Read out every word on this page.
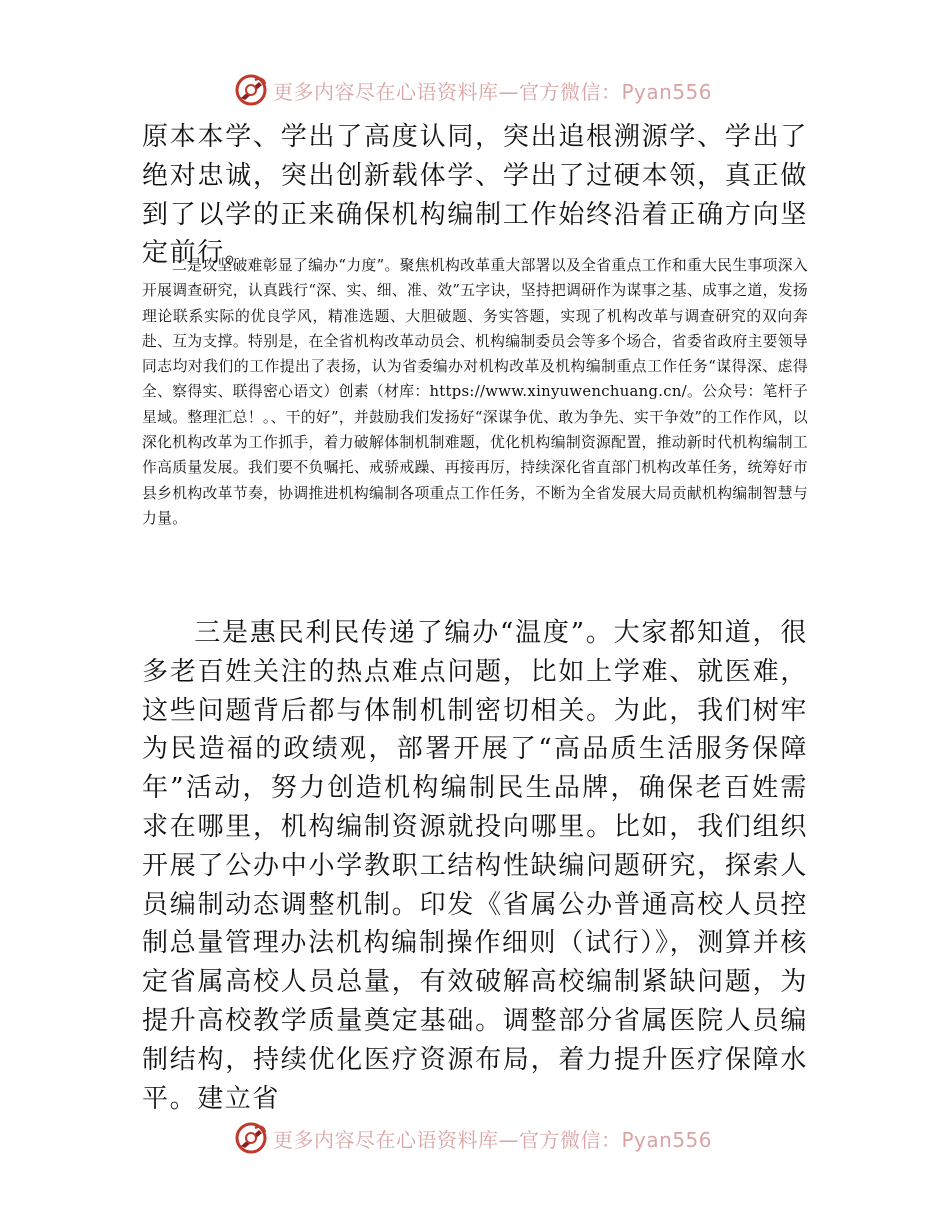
更多内容尽在心语资料库—官方微信：Pyan556

原本本学、学出了高度认同，突出追根溯源学、学出了绝对忠诚，突出创新载体学、学出了过硬本领，真正做到了以学的正来确保机构编制工作始终沿着正确方向坚定前行。

二是攻坚破难彰显了编办“力度”。聚焦机构改革重大部署以及全省重点工作和重大民生事项深入开展调查研究，认真践行“深、实、细、准、效”五字诀，坚持把调研作为谋事之基、成事之道，发扬理论联系实际的优良学风，精准选题、大胆破题、务实答题，实现了机构改革与调查研究的双向奔赴、互为支撑。特别是，在全省机构改革动员会、机构编制委员会等多个场合，省委省政府主要领导同志均对我们的工作提出了表扬，认为省委编办对机构改革及机构编制重点工作任务“谋得深、虑得全、察得实、联得密心语文）创素（材库：https://www.xinyuwenchuang.cn/。公众号：笔杆子星域。整理汇总！。、干的好”，并鼓励我们发扬好“深谋争优、敢为争先、实干争效”的工作作风，以深化机构改革为工作抓手，着力破解体制机制难题，优化机构编制资源配置，推动新时代机构编制工作高质量发展。我们要不负嘱托、戒骄戒躁、再接再厉，持续深化省直部门机构改革任务，统筹好市县乡机构改革节奏，协调推进机构编制各项重点工作任务，不断为全省发展大局贡献机构编制智慧与力量。

三是惠民利民传递了编办“温度”。大家都知道，很多老百姓关注的热点难点问题，比如上学难、就医难，这些问题背后都与体制机制密切相关。为此，我们树牢为民造福的政绩观，部署开展了“高品质生活服务保障年”活动，努力创造机构编制民生品牌，确保老百姓需求在哪里，机构编制资源就投向哪里。比如，我们组织开展了公办中小学教职工结构性缺编问题研究，探索人员编制动态调整机制。印发《省属公办普通高校人员控制总量管理办法机构编制操作细则（试行）》，测算并核定省属高校人员总量，有效破解高校编制紧缺问题，为提升高校教学质量奠定基础。调整部分省属医院人员编制结构，持续优化医疗资源布局，着力提升医疗保障水平。建立省

更多内容尽在心语资料库—官方微信：Pyan556
